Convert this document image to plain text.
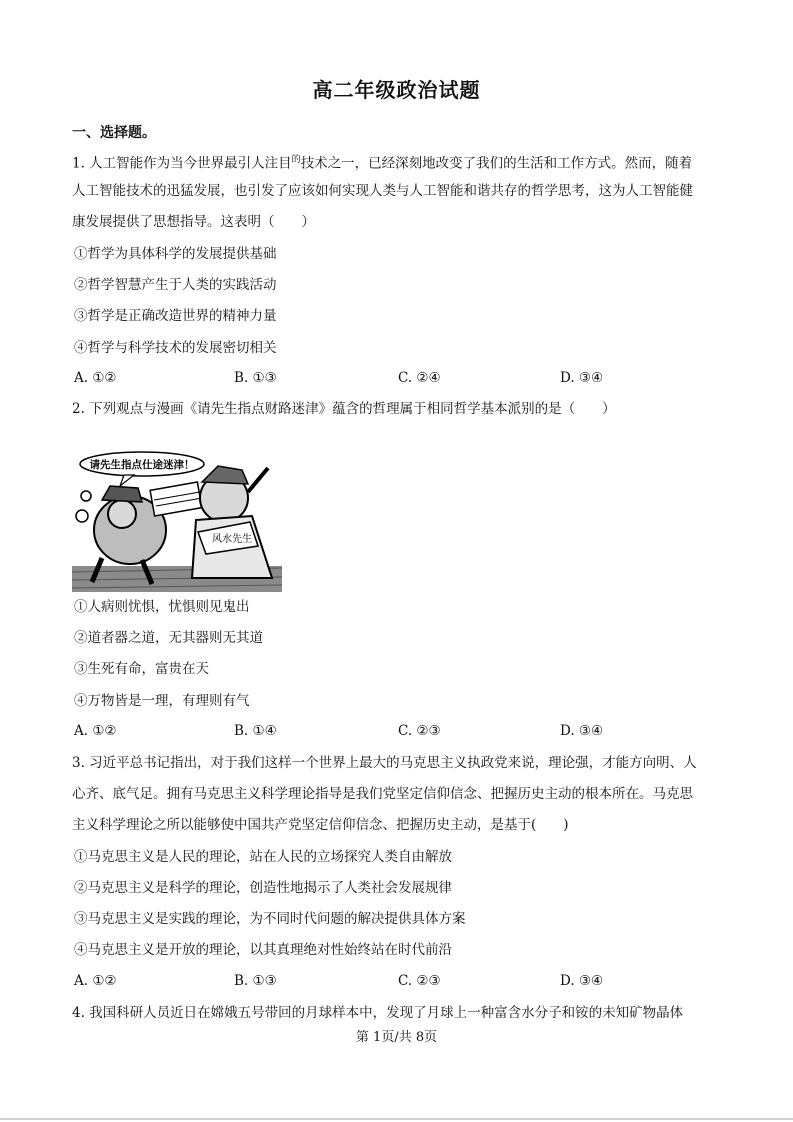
高二年级政治试题
一、选择题。
1. 人工智能作为当今世界最引人注目$^的$技术之一，已经深刻地改变了我们的生活和工作方式。然而，随着
人工智能技术的迅猛发展，也引发了应该如何实现人类与人工智能和谐共存的哲学思考，这为人工智能健
康发展提供了思想指导。这表明（　　）
①哲学为具体科学的发展提供基础
②哲学智慧产生于人类的实践活动
③哲学是正确改造世界的精神力量
④哲学与科学技术的发展密切相关
A. ①②	B. ①③	C. ②④	D. ③④
2. 下列观点与漫画《请先生指点财路迷津》蕴含的哲理属于相同哲学基本派别的是（　　）
请先生指点仕途迷津！
风水先生
①人病则忧惧，忧惧则见鬼出
②道者器之道，无其器则无其道
③生死有命，富贵在天
④万物皆是一理，有理则有气
A. ①②	B. ①④	C. ②③	D. ③④
3. 习近平总书记指出，对于我们这样一个世界上最大的马克思主义执政党来说，理论强，才能方向明、人
心齐、底气足。拥有马克思主义科学理论指导是我们党坚定信仰信念、把握历史主动的根本所在。马克思
主义科学理论之所以能够使中国共产党坚定信仰信念、把握历史主动，是基于(　　)
①马克思主义是人民的理论，站在人民的立场探究人类自由解放
②马克思主义是科学的理论，创造性地揭示了人类社会发展规律
③马克思主义是实践的理论，为不同时代问题的解决提供具体方案
④马克思主义是开放的理论，以其真理绝对性始终站在时代前沿
A. ①②	B. ①③	C. ②③	D. ③④
4. 我国科研人员近日在嫦娥五号带回的月球样本中，发现了月球上一种富含水分子和铵的未知矿物晶体
第 1页/共 8页
